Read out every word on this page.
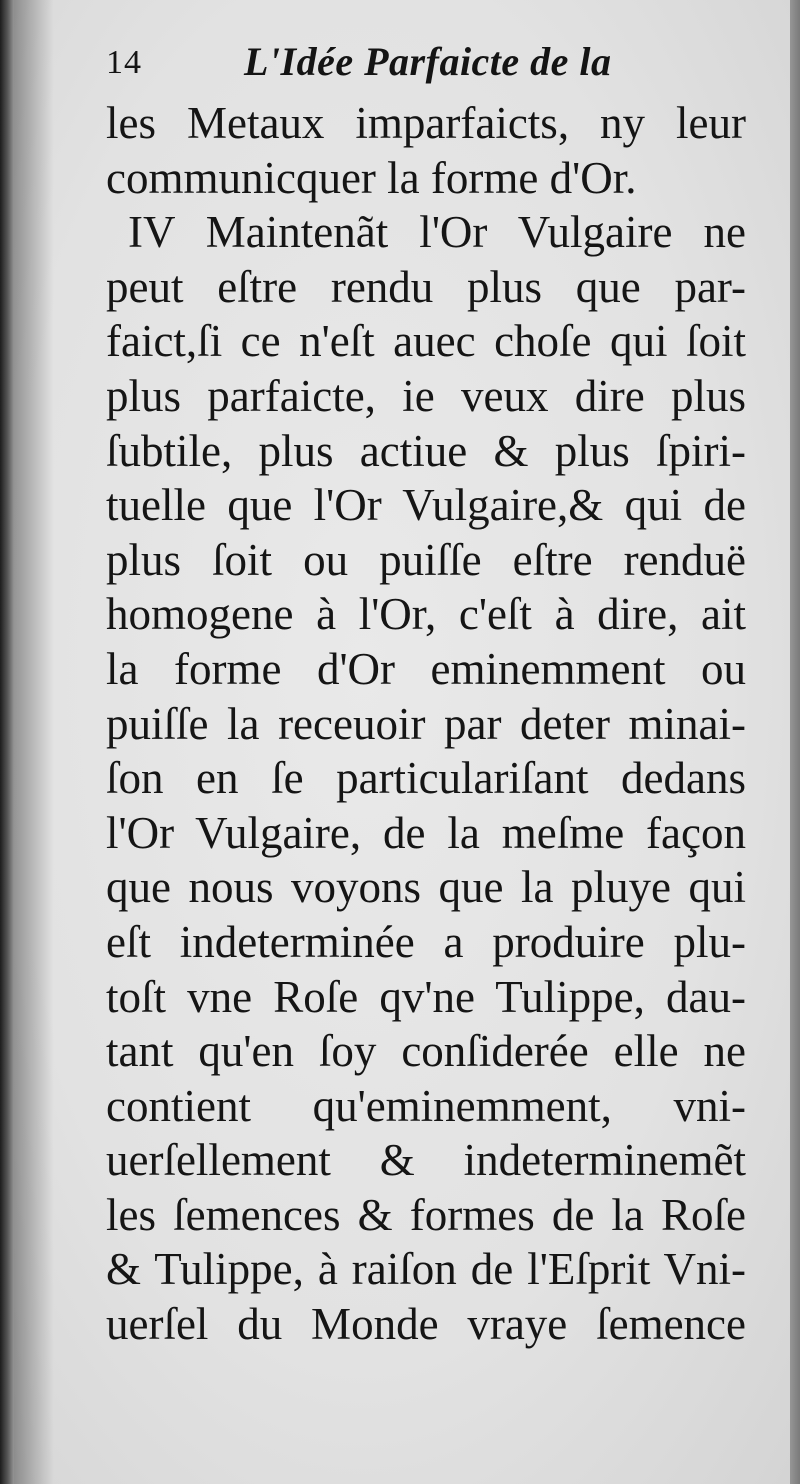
14	L'Idée Parfaicte de la
les Metaux imparfaicts, ny leur
communicquer la forme d'Or.
IV Maintenãt l'Or Vulgaire ne
peut eſtre rendu plus que par-
faict,ſi ce n'eſt auec choſe qui ſoit
plus parfaicte, ie veux dire plus
ſubtile, plus actiue & plus ſpiri-
tuelle que l'Or Vulgaire,& qui de
plus ſoit ou puiſſe eſtre renduë
homogene à l'Or, c'eſt à dire, ait
la forme d'Or eminemment ou
puiſſe la receuoir par deter minai-
ſon en ſe particulariſant dedans
l'Or Vulgaire, de la meſme façon
que nous voyons que la pluye qui
eſt indeterminée a produire plu-
toſt vne Roſe qv'ne Tulippe, dau-
tant qu'en ſoy conſiderée elle ne
contient qu'eminemment, vni-
uerſellement & indeterminemẽt
les ſemences & formes de la Roſe
& Tulippe, à raiſon de l'Eſprit Vni-
uerſel du Monde vraye ſemence
